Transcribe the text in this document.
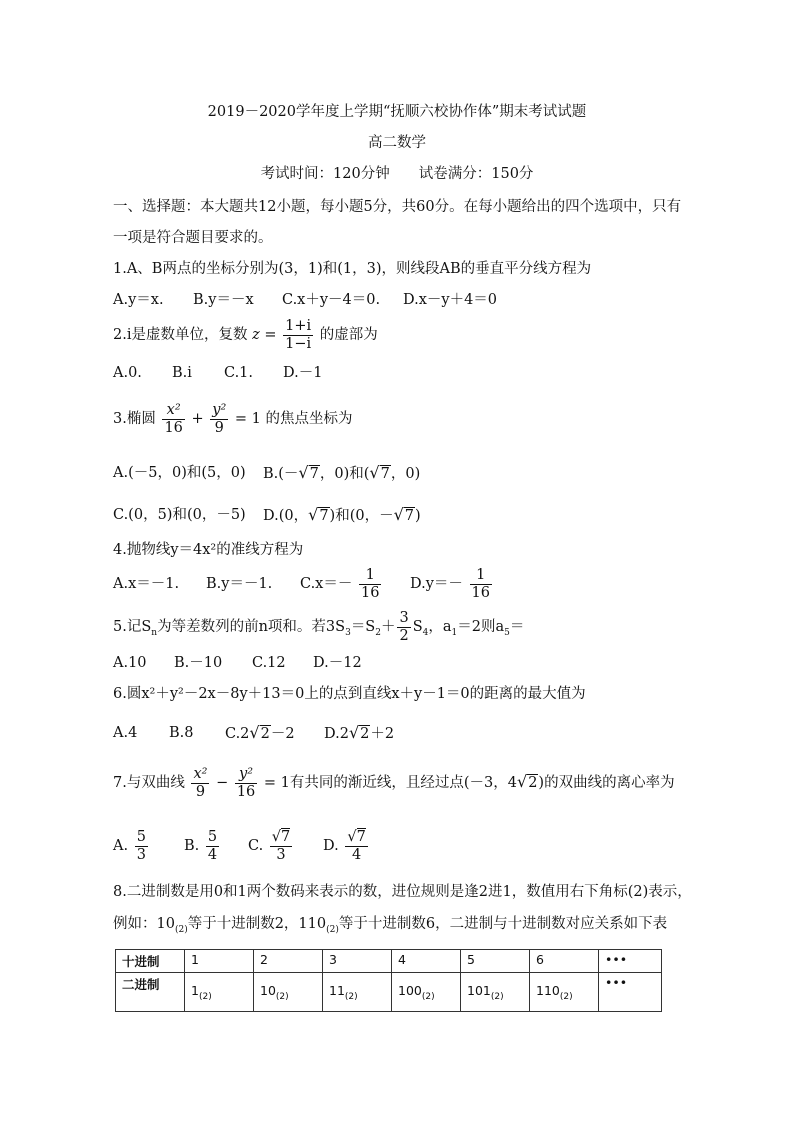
2019－2020学年度上学期“抚顺六校协作体”期末考试试题
高二数学
考试时间：120分钟　　试卷满分：150分
一、选择题：本大题共12小题，每小题5分，共60分。在每小题给出的四个选项中，只有
一项是符合题目要求的。
1.A、B两点的坐标分别为(3，1)和(1，3)，则线段AB的垂直平分线方程为
A.y＝x. B.y＝－x C.x＋y－4＝0. D.x－y＋4＝0
2.i是虚数单位，复数 $z = \frac{1+i}{1-i}$ 的虚部为
A.0. B.i C.1. D.－1
3.椭圆 $\frac{\text{x²}}{16} + \frac{\text{y²}}{9} = 1$ 的焦点坐标为
A.(－5，0)和(5，0) B.(－√7，0)和(√7，0)
C.(0，5)和(0，－5) D.(0，√7)和(0，－√7)
4.抛物线y＝4x²的准线方程为
A.x＝－1. B.y＝－1. $C.x=- \frac{1}{16} D.y=- \frac{1}{16}$
5.记$S_n$为等差数列的前n项和。若$3S_3=S_2+ \frac{3}{2} S_4$，$a_1=2$则$a_5=$
A.10 B.－10 C.12 D.－12
6.圆x²＋y²－2x－8y＋13＝0上的点到直线x＋y－1＝0的距离的最大值为
A.4 B.8 C.2√2－2 D.2√2＋2
7.与双曲线 $\frac{\text{x²}}{9} - \frac{\text{y²}}{16} = 1$有共同的渐近线，且经过点(－3，4√2)的双曲线的离心率为
A. $\frac{5}{3} B$. $\frac{5}{4} C$. $\frac{√7}{3} D$. $\frac{√7}{4}$
8.二进制数是用0和1两个数码来表示的数，进位规则是逢2进1，数值用右下角标(2)表示，
例如：$10_{(2)}$等于十进制数2，$110_{(2)}$等于十进制数6，二进制与十进制数对应关系如下表
十进制	1	2	3	4	5	6	•••
二进制	$1_{(2)}$	$10_{(2)}$	$11_{(2)}$	$100_{(2)}$	$101_{(2)}$	$110_{(2)}$	•••
